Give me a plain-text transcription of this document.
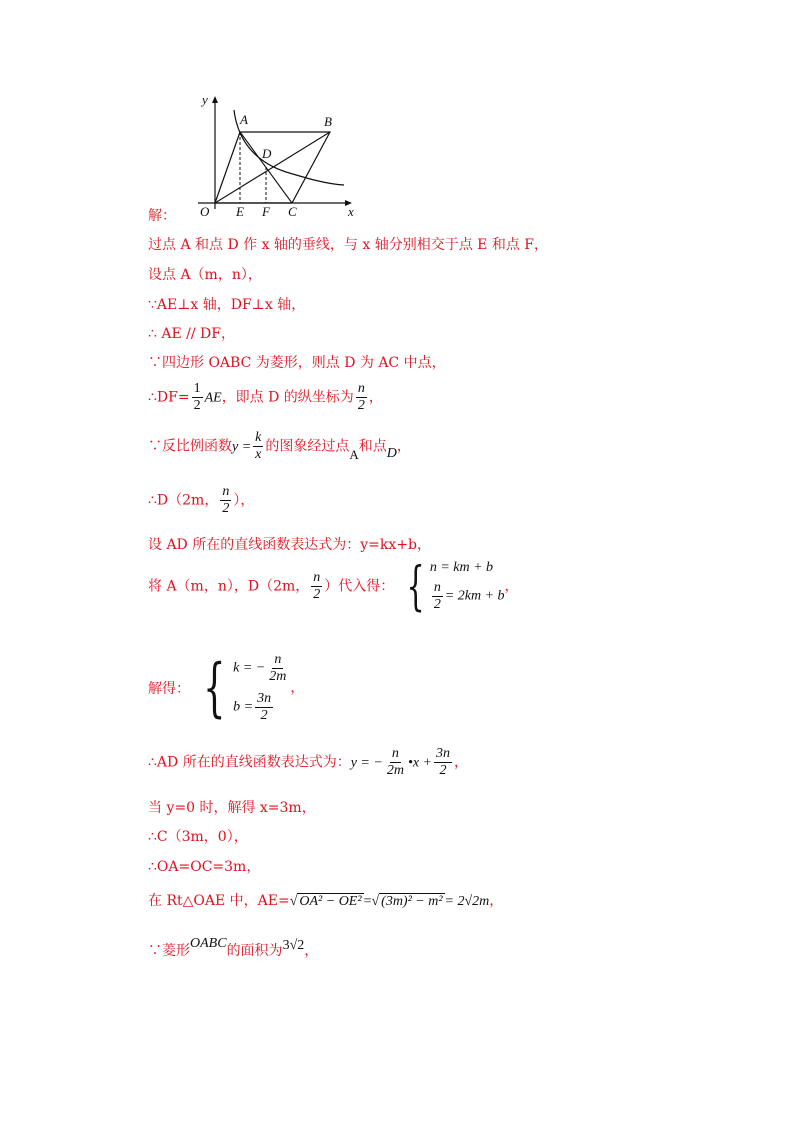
y
x
O
A	B
C
D
E F
解：
过点 A 和点 D 作 x 轴的垂线，与 x 轴分别相交于点 E 和点 F，
设点 A（m，n），
∵AE⊥x 轴，DF⊥x 轴，
∴ AE // DF，
∵四边形 OABC 为菱形，则点 D 为 AC 中点，
∴DF= $\frac{1}{2}$ AE，即点 D 的纵坐标为 $\frac{n}{2}$ ，
∵反比例函数$y = \frac{k}{x}$ 的图象经过点A和点D，
∴D（2m， $\frac{n}{2}$ ），
设 AD 所在的直线函数表达式为：y=kx+b，
将 A（m，n），D（2m， $\frac{n}{2}$ ）代入得： { n = km + b
$\frac{n}{2} = 2km + b$
，
解得： { k = − $\frac{n}{2m}$
$b = \frac{3n}{2}$
，
∴AD 所在的直线函数表达式为：y = − $\frac{n}{2m}$ •x + $\frac{3n}{2}$ ，
当 y=0 时，解得 x=3m，
∴C（3m，0），
∴OA=OC=3m，
在 Rt△OAE 中，AE=√ OA² − OE² =√ (3m)² − m² = 2√2m，
∵菱形OABC的面积为3√2，
